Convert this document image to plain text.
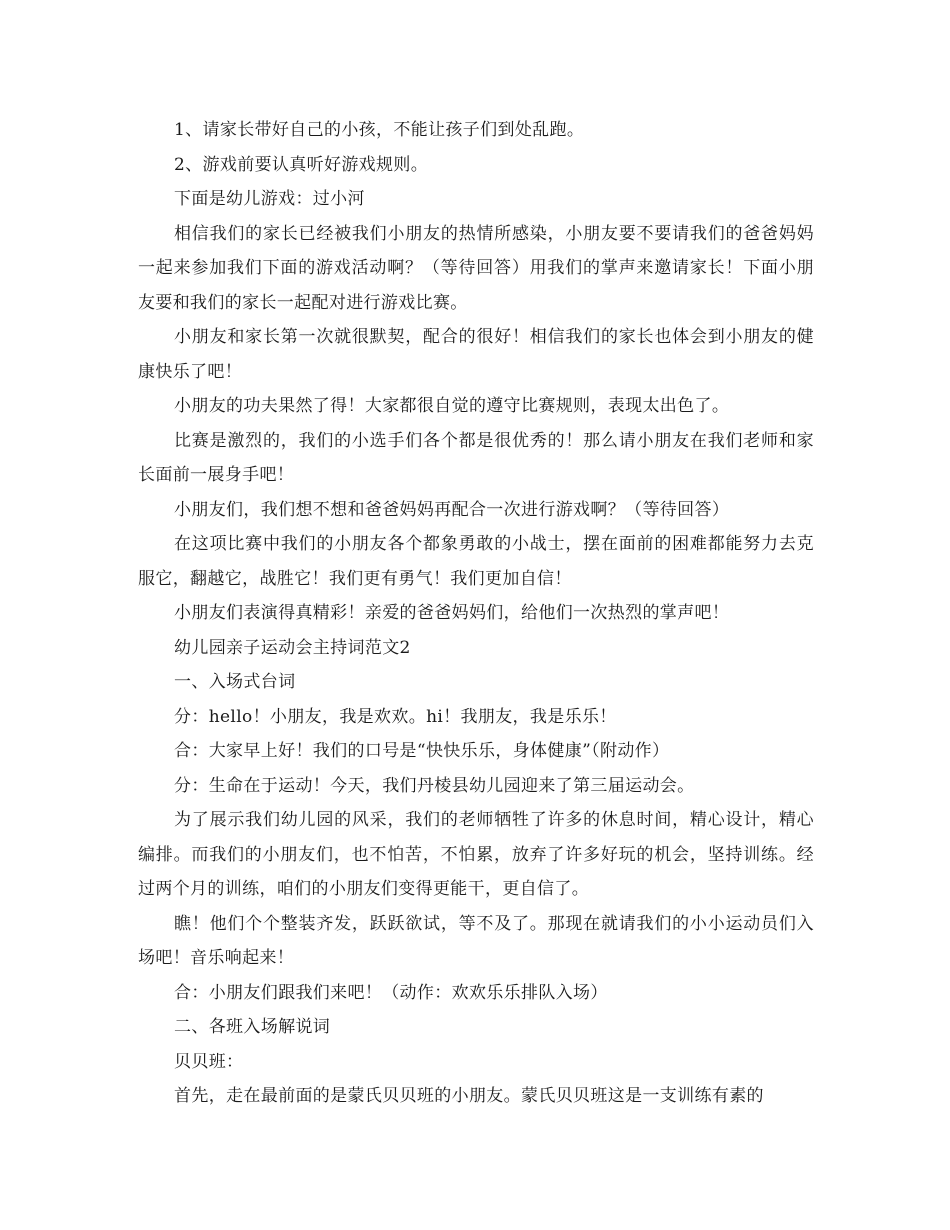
1、请家长带好自己的小孩，不能让孩子们到处乱跑。

2、游戏前要认真听好游戏规则。

下面是幼儿游戏：过小河

相信我们的家长已经被我们小朋友的热情所感染，小朋友要不要请我们的爸爸妈妈一起来参加我们下面的游戏活动啊？（等待回答）用我们的掌声来邀请家长！下面小朋友要和我们的家长一起配对进行游戏比赛。

小朋友和家长第一次就很默契，配合的很好！相信我们的家长也体会到小朋友的健康快乐了吧！

小朋友的功夫果然了得！大家都很自觉的遵守比赛规则，表现太出色了。

比赛是激烈的，我们的小选手们各个都是很优秀的！那么请小朋友在我们老师和家长面前一展身手吧！

小朋友们，我们想不想和爸爸妈妈再配合一次进行游戏啊？（等待回答）

在这项比赛中我们的小朋友各个都象勇敢的小战士，摆在面前的困难都能努力去克服它，翻越它，战胜它！我们更有勇气！我们更加自信！

小朋友们表演得真精彩！亲爱的爸爸妈妈们，给他们一次热烈的掌声吧！

幼儿园亲子运动会主持词范文2

一、入场式台词

分：hello！小朋友，我是欢欢。hi！我朋友，我是乐乐！

合：大家早上好！我们的口号是“快快乐乐，身体健康”（附动作）

分：生命在于运动！今天，我们丹棱县幼儿园迎来了第三届运动会。

为了展示我们幼儿园的风采，我们的老师牺牲了许多的休息时间，精心设计，精心编排。而我们的小朋友们，也不怕苦，不怕累，放弃了许多好玩的机会，坚持训练。经过两个月的训练，咱们的小朋友们变得更能干，更自信了。

瞧！他们个个整装齐发，跃跃欲试，等不及了。那现在就请我们的小小运动员们入场吧！音乐响起来！

合：小朋友们跟我们来吧！（动作：欢欢乐乐排队入场）

二、各班入场解说词

贝贝班：

首先，走在最前面的是蒙氏贝贝班的小朋友。蒙氏贝贝班这是一支训练有素的
